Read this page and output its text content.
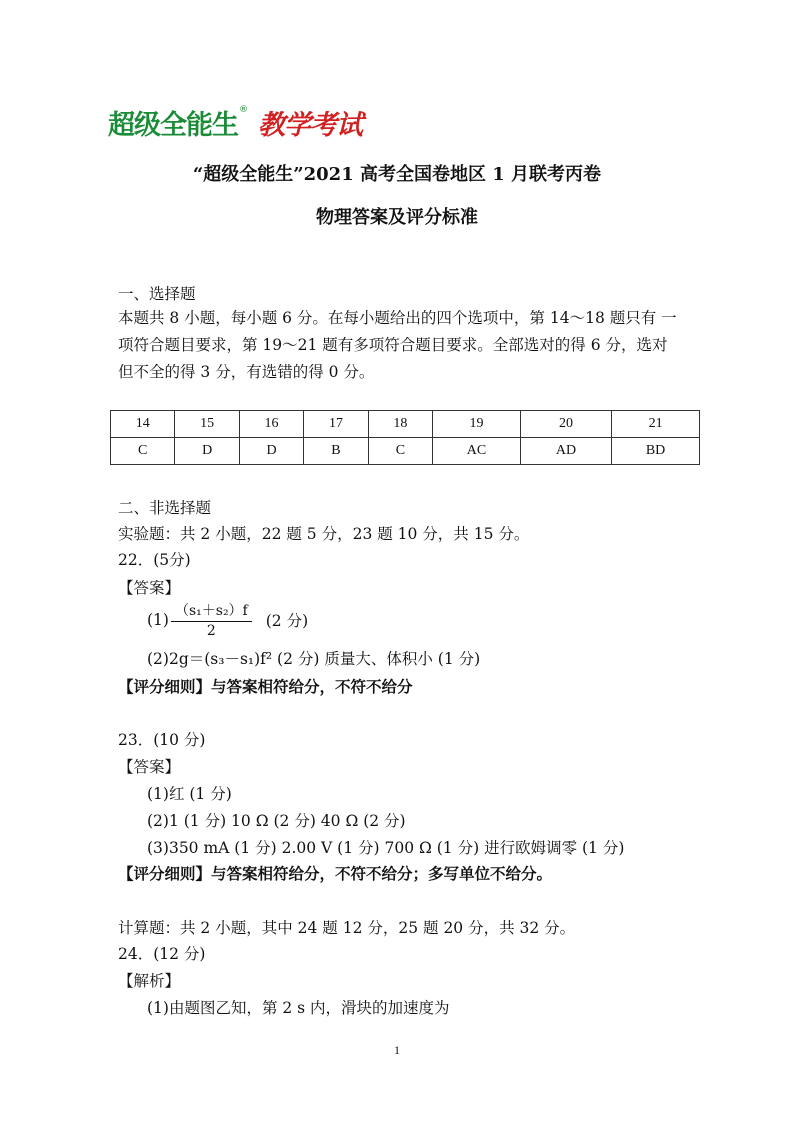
超级全能生 ® 教学考试
“超级全能生”2021 高考全国卷地区 1 月联考丙卷
物理答案及评分标准
一、选择题
本题共 8 小题，每小题 6 分。在每小题给出的四个选项中，第 14～18 题只有 一
项符合题目要求，第 19～21 题有多项符合题目要求。全部选对的得 6 分，选对
但不全的得 3 分，有选错的得 0 分。
14	15	16	17	18	19	20	21
C	D	D	B	C	AC	AD	BD
二、非选择题
实验题：共 2 小题，22 题 5 分，23 题 10 分，共 15 分。
22．(5分)
【答案】
$(1) \frac{\text{（s₁＋s₂）f}}{2} (2$ 分)
(2)2g＝(s₃－s₁)f² (2 分) 质量大、体积小 (1 分)
【评分细则】与答案相符给分，不符不给分
23．(10 分)
【答案】
(1)红 (1 分)
(2)1 (1 分) 10 Ω (2 分) 40 Ω (2 分)
(3)350 mA (1 分) 2.00 V (1 分) 700 Ω (1 分) 进行欧姆调零 (1 分)
【评分细则】与答案相符给分，不符不给分；多写单位不给分。
计算题：共 2 小题，其中 24 题 12 分，25 题 20 分，共 32 分。
24．(12 分)
【解析】
(1)由题图乙知，第 2 s 内，滑块的加速度为
1
